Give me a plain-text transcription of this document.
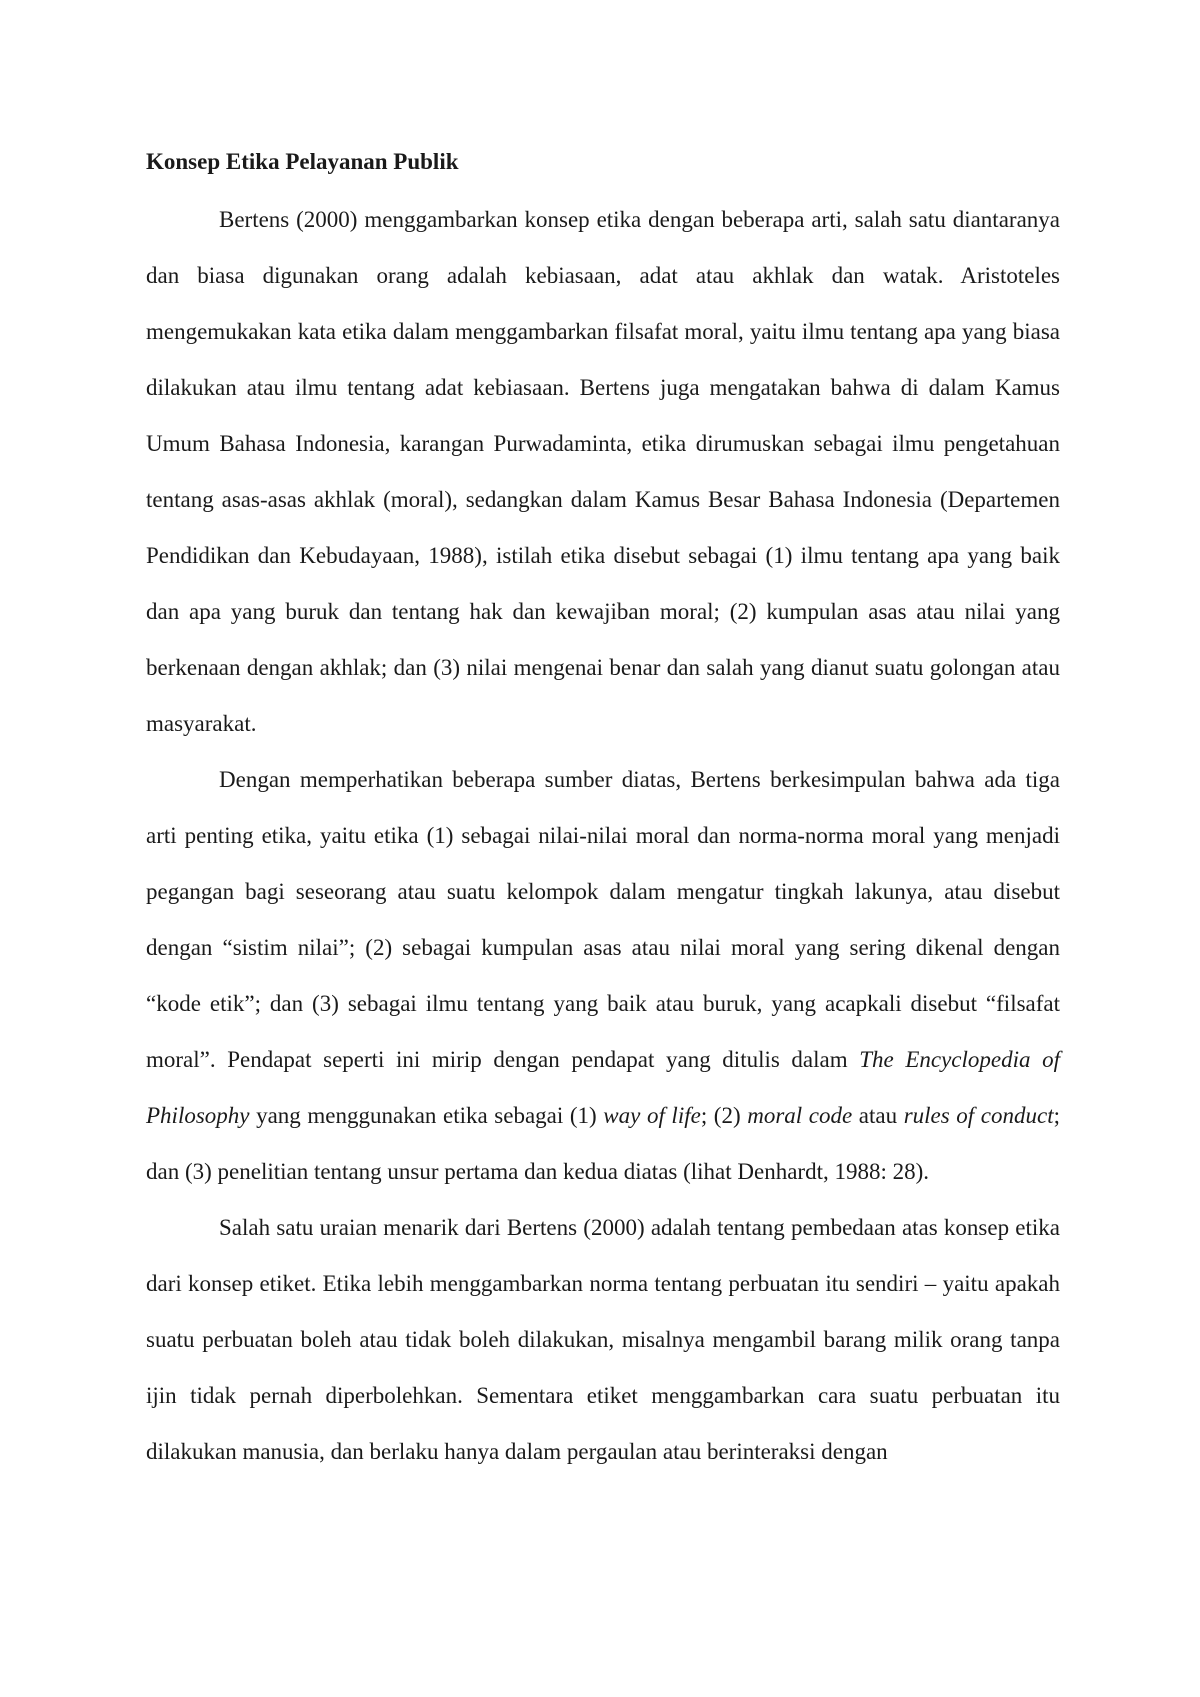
Konsep Etika Pelayanan Publik

Bertens (2000) menggambarkan konsep etika dengan beberapa arti, salah satu diantaranya dan biasa digunakan orang adalah kebiasaan, adat atau akhlak dan watak. Aristoteles mengemukakan kata etika dalam menggambarkan filsafat moral, yaitu ilmu tentang apa yang biasa dilakukan atau ilmu tentang adat kebiasaan. Bertens juga mengatakan bahwa di dalam Kamus Umum Bahasa Indonesia, karangan Purwadaminta, etika dirumuskan sebagai ilmu pengetahuan tentang asas-asas akhlak (moral), sedangkan dalam Kamus Besar Bahasa Indonesia (Departemen Pendidikan dan Kebudayaan, 1988), istilah etika disebut sebagai (1) ilmu tentang apa yang baik dan apa yang buruk dan tentang hak dan kewajiban moral; (2) kumpulan asas atau nilai yang berkenaan dengan akhlak; dan (3) nilai mengenai benar dan salah yang dianut suatu golongan atau masyarakat.

Dengan memperhatikan beberapa sumber diatas, Bertens berkesimpulan bahwa ada tiga arti penting etika, yaitu etika (1) sebagai nilai-nilai moral dan norma-norma moral yang menjadi pegangan bagi seseorang atau suatu kelompok dalam mengatur tingkah lakunya, atau disebut dengan “sistim nilai”; (2) sebagai kumpulan asas atau nilai moral yang sering dikenal dengan “kode etik”; dan (3) sebagai ilmu tentang yang baik atau buruk, yang acapkali disebut “filsafat moral”. Pendapat seperti ini mirip dengan pendapat yang ditulis dalam The Encyclopedia of Philosophy yang menggunakan etika sebagai (1) way of life; (2) moral code atau rules of conduct; dan (3) penelitian tentang unsur pertama dan kedua diatas (lihat Denhardt, 1988: 28).

Salah satu uraian menarik dari Bertens (2000) adalah tentang pembedaan atas konsep etika dari konsep etiket. Etika lebih menggambarkan norma tentang perbuatan itu sendiri – yaitu apakah suatu perbuatan boleh atau tidak boleh dilakukan, misalnya mengambil barang milik orang tanpa ijin tidak pernah diperbolehkan. Sementara etiket menggambarkan cara suatu perbuatan itu dilakukan manusia, dan berlaku hanya dalam pergaulan atau berinteraksi dengan
